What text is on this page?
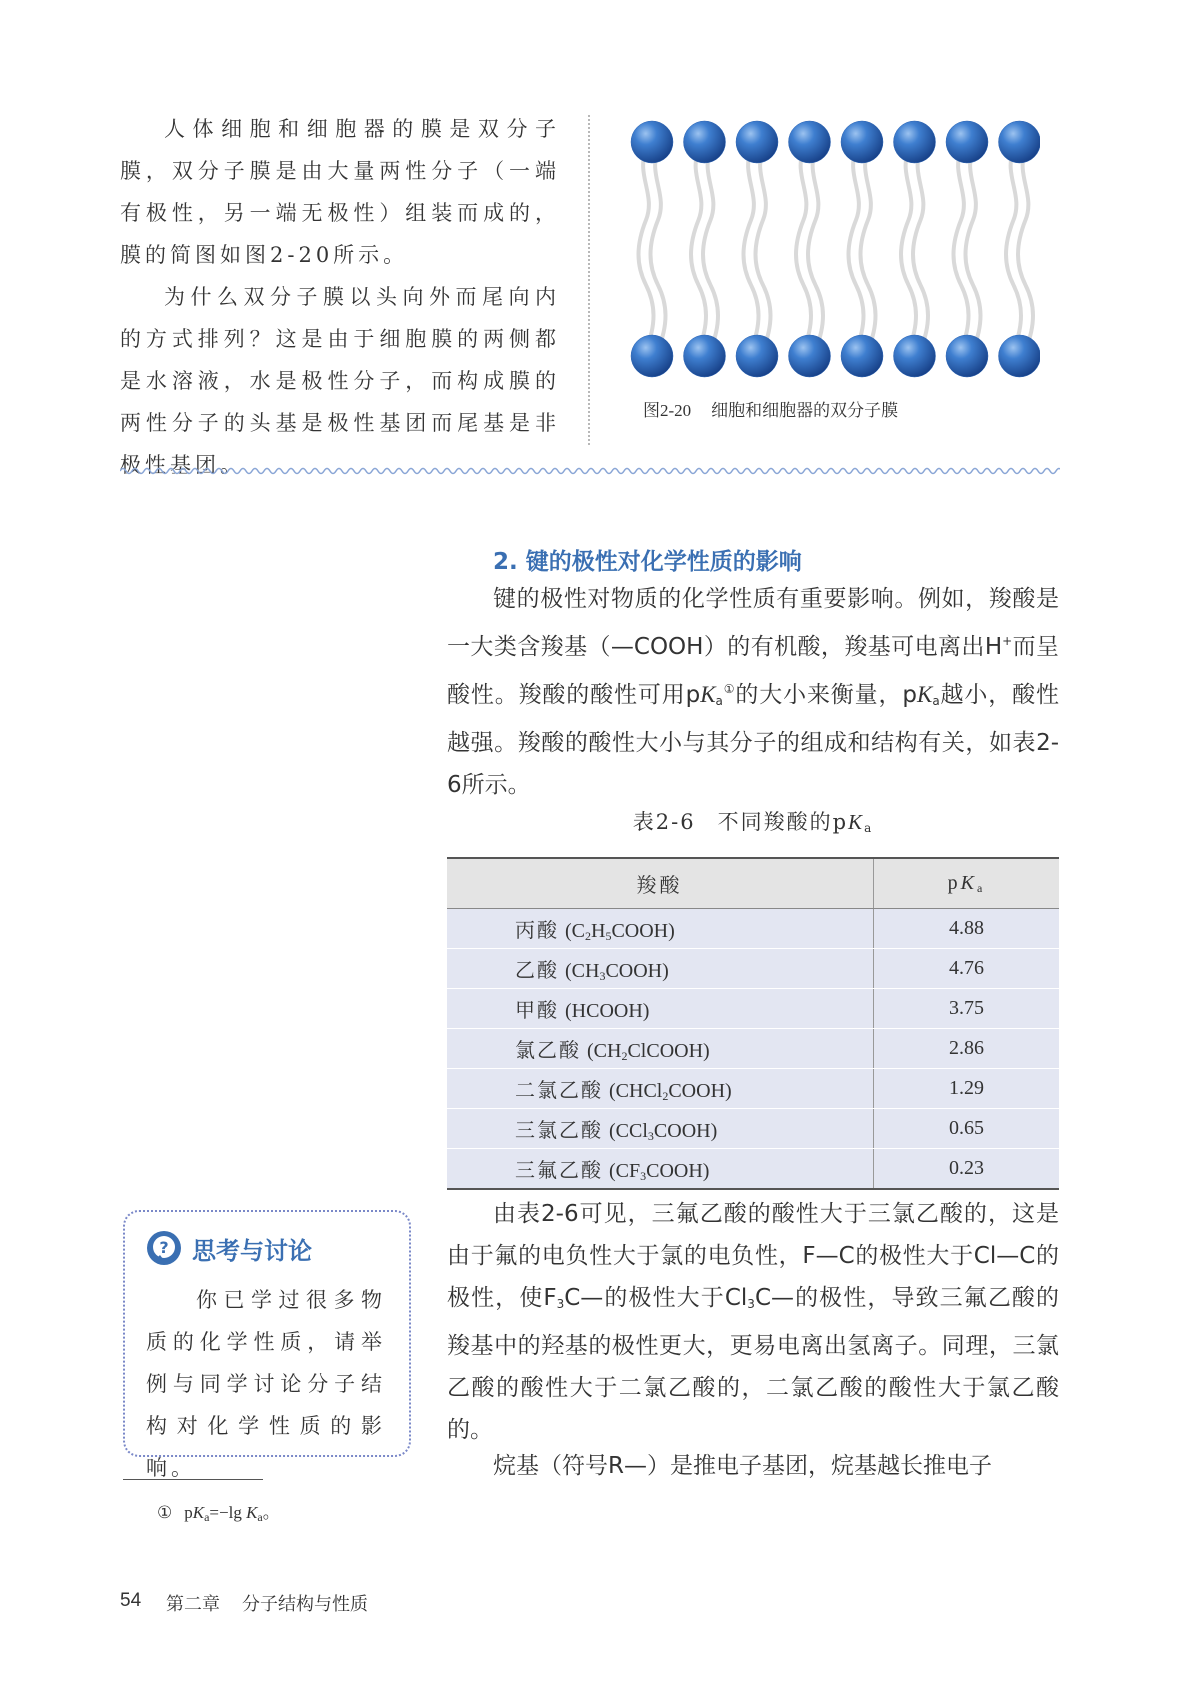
人体细胞和细胞器的膜是双分子膜，双分子膜是由大量两性分子（一端有极性，另一端无极性）组装而成的，膜的简图如图2-20所示。

为什么双分子膜以头向外而尾向内的方式排列？这是由于细胞膜的两侧都是水溶液，水是极性分子，而构成膜的两性分子的头基是极性基团而尾基是非极性基团。

图2-20 细胞和细胞器的双分子膜
2. 键的极性对化学性质的影响

键的极性对物质的化学性质有重要影响。例如，羧酸是一大类含羧基（—COOH）的有机酸，羧基可电离出H+而呈酸性。羧酸的酸性可用$pK_a^①$的大小来衡量，$pK_a$越小，酸性越强。羧酸的酸性大小与其分子的组成和结构有关，如表2-6所示。

表2-6 不同羧酸的$pK_a$
羧酸	$pK_a$
丙酸 $(C_2H_5COOH)$	4.88
乙酸 $(CH_3COOH)$	4.76
甲酸 (HCOOH)	3.75
氯乙酸 $(CH_2ClCOOH)$	2.86
二氯乙酸 (CHCl$_2$COOH)	1.29
三氯乙酸 (CCl$_3$COOH)	0.65
三氟乙酸 $(CF_3COOH)$	0.23

由表2-6可见，三氟乙酸的酸性大于三氯乙酸的，这是由于氟的电负性大于氯的电负性，F—C的极性大于Cl—C的极性，使$F_3C—$的极性大于$Cl_3C—$的极性，导致三氟乙酸的羧基中的羟基的极性更大，更易电离出氢离子。同理，三氯乙酸的酸性大于二氯乙酸的，二氯乙酸的酸性大于氯乙酸的。

烷基（符号R—）是推电子基团，烷基越长推电子

? 思考与讨论

你已学过很多物质的化学性质，请举例与同学讨论分子结构对化学性质的影响。

① $pK_a=-\lg$ $K_a$。
54 第二章 分子结构与性质
